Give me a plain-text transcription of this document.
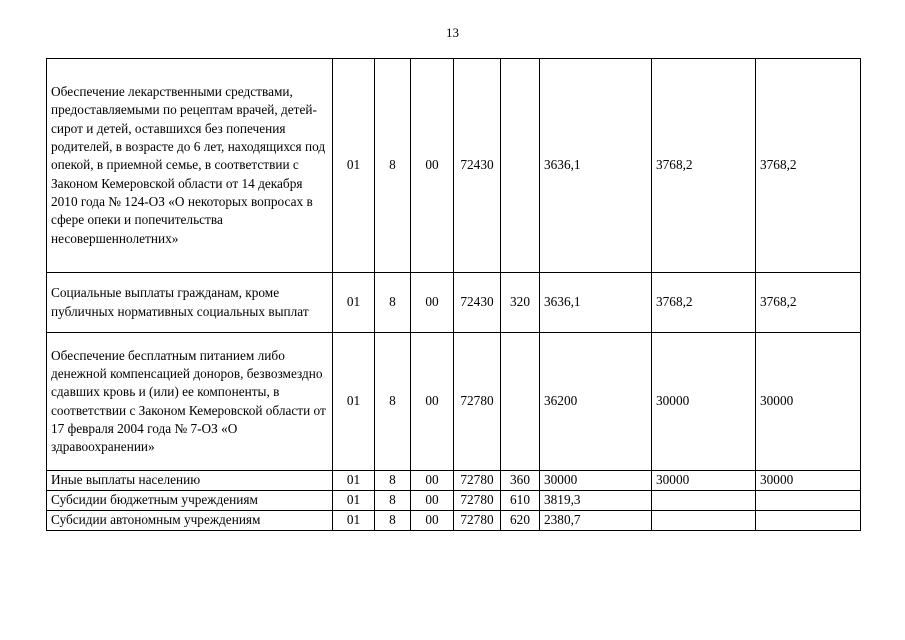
13
Обеспечение лекарственными средствами, предоставляемыми по рецептам врачей, детей-сирот и детей, оставшихся без попечения родителей, в возрасте до 6 лет, находящихся под опекой, в приемной семье, в соответствии с Законом Кемеровской области от 14 декабря 2010 года № 124-ОЗ «О некоторых вопросах в сфере опеки и попечительства несовершеннолетних»	01	8	00	72430		3636,1	3768,2	3768,2
Социальные выплаты гражданам, кроме публичных нормативных социальных выплат	01	8	00	72430	320	3636,1	3768,2	3768,2
Обеспечение бесплатным питанием либо денежной компенсацией доноров, безвозмездно сдавших кровь и (или) ее компоненты, в соответствии с Законом Кемеровской области от 17 февраля 2004 года № 7-ОЗ «О здравоохранении»	01	8	00	72780		36200	30000	30000
Иные выплаты населению	01	8	00	72780	360	30000	30000	30000
Субсидии бюджетным учреждениям	01	8	00	72780	610	3819,3		
Субсидии автономным учреждениям	01	8	00	72780	620	2380,7		
